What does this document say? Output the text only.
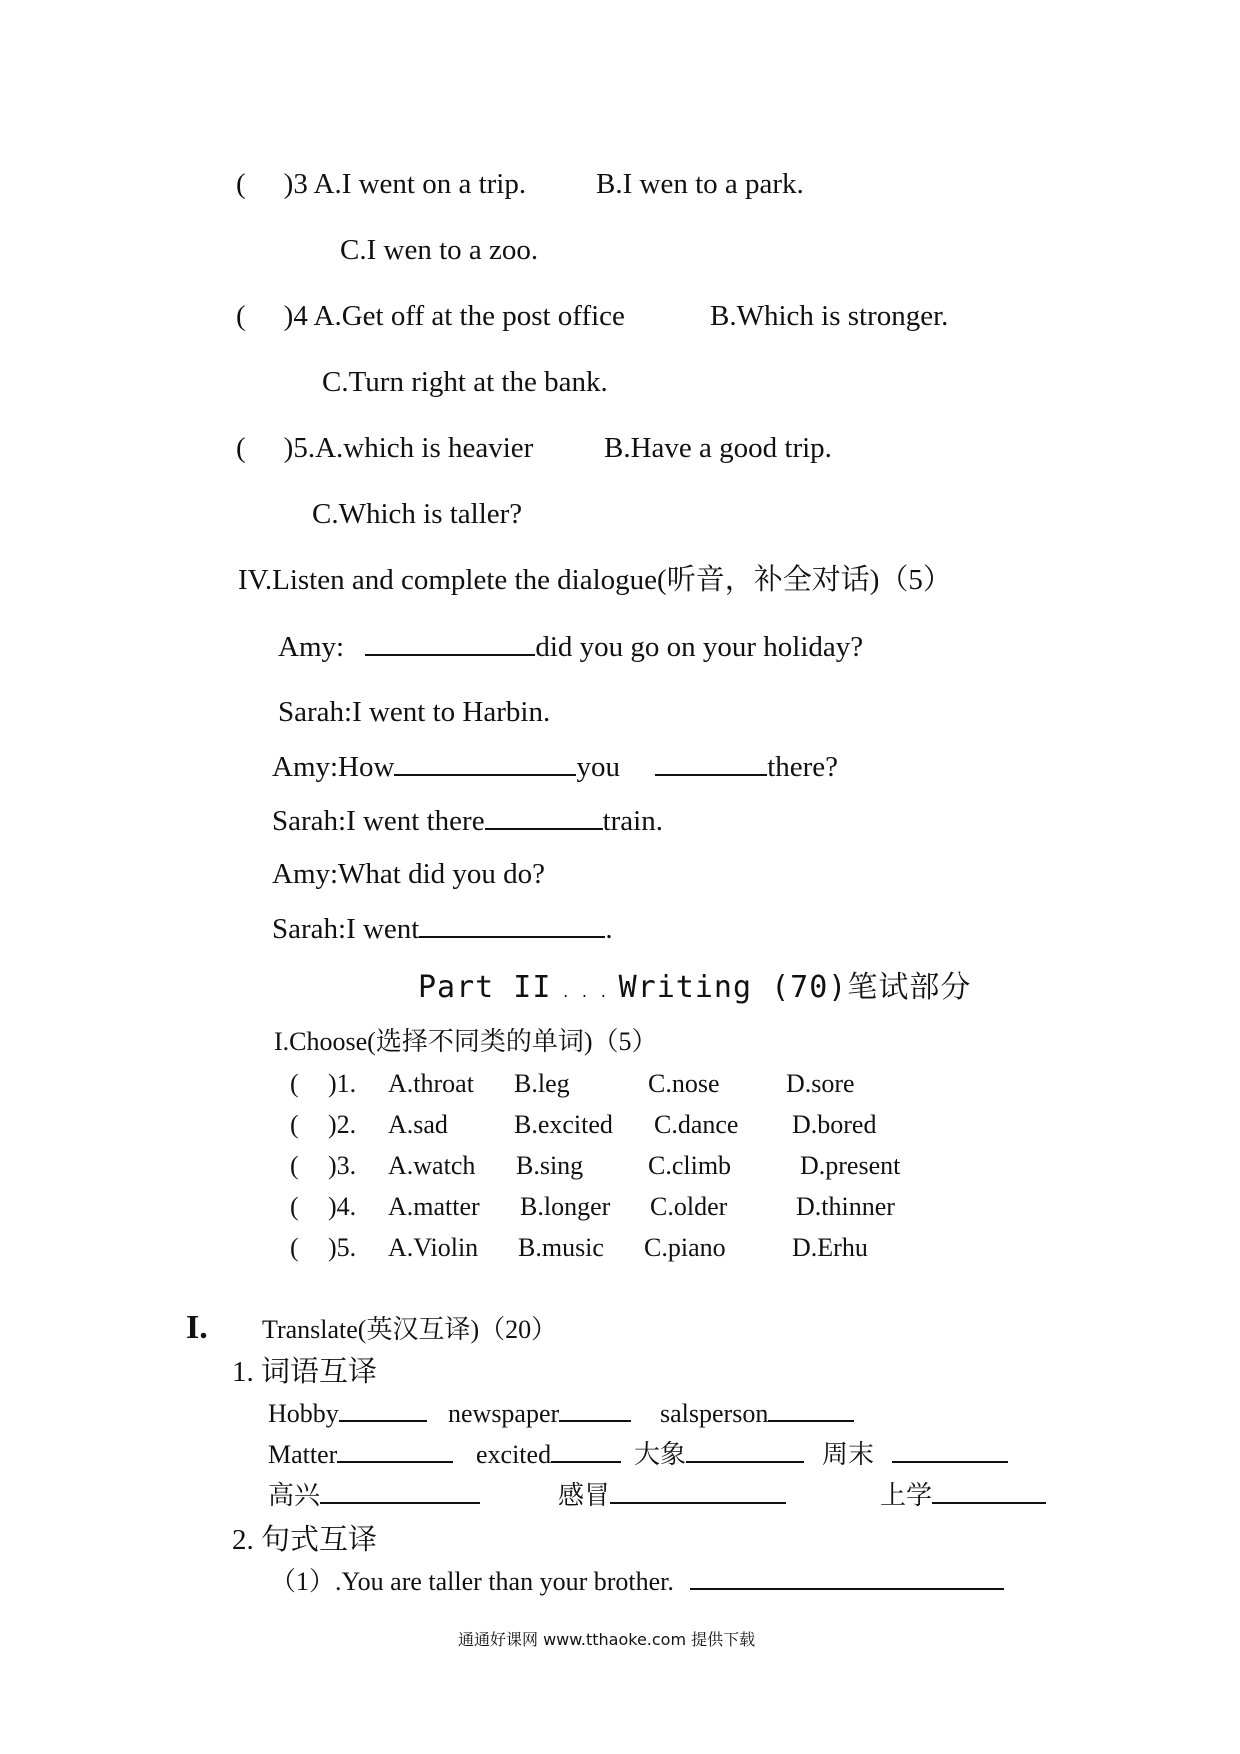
( )3 A.I went on a trip. B.I wen to a park.
C.I wen to a zoo.
( )4 A.Get off at the post office	B.Which is stronger.
C.Turn right at the bank.
( )5.A.which is heavier B.Have a good trip.
C.Which is taller?
IV.Listen and complete the dialogue(听音，补全对话)（5）
Amy:	did you go on your holiday?
Sarah:I went to Harbin.
Amy:How	you	there?
Sarah:I went there	train.
Amy:What did you do?
Sarah:I went	.
Part II . . . Writing (70)笔试部分
I.Choose(选择不同类的单词)（5）
( )1. A.throat B.leg	C.nose	D.sore
( )2. A.sad	B.excited C.dance D.bored
( )3. A.watch B.sing C.climb	D.present
( )4. A.matter B.longer C.older	D.thinner
( )5. A.Violin B.music C.piano	D.Erhu
I. Translate(英汉互译)（20）
1. 词语互译
Hobby	newspaper	salsperson
Matter	excited	大象	周末
高兴	感冒	上学
2. 句式互译
（1）.You are taller than your brother.
通通好课网 www.tthaoke.com 提供下载
